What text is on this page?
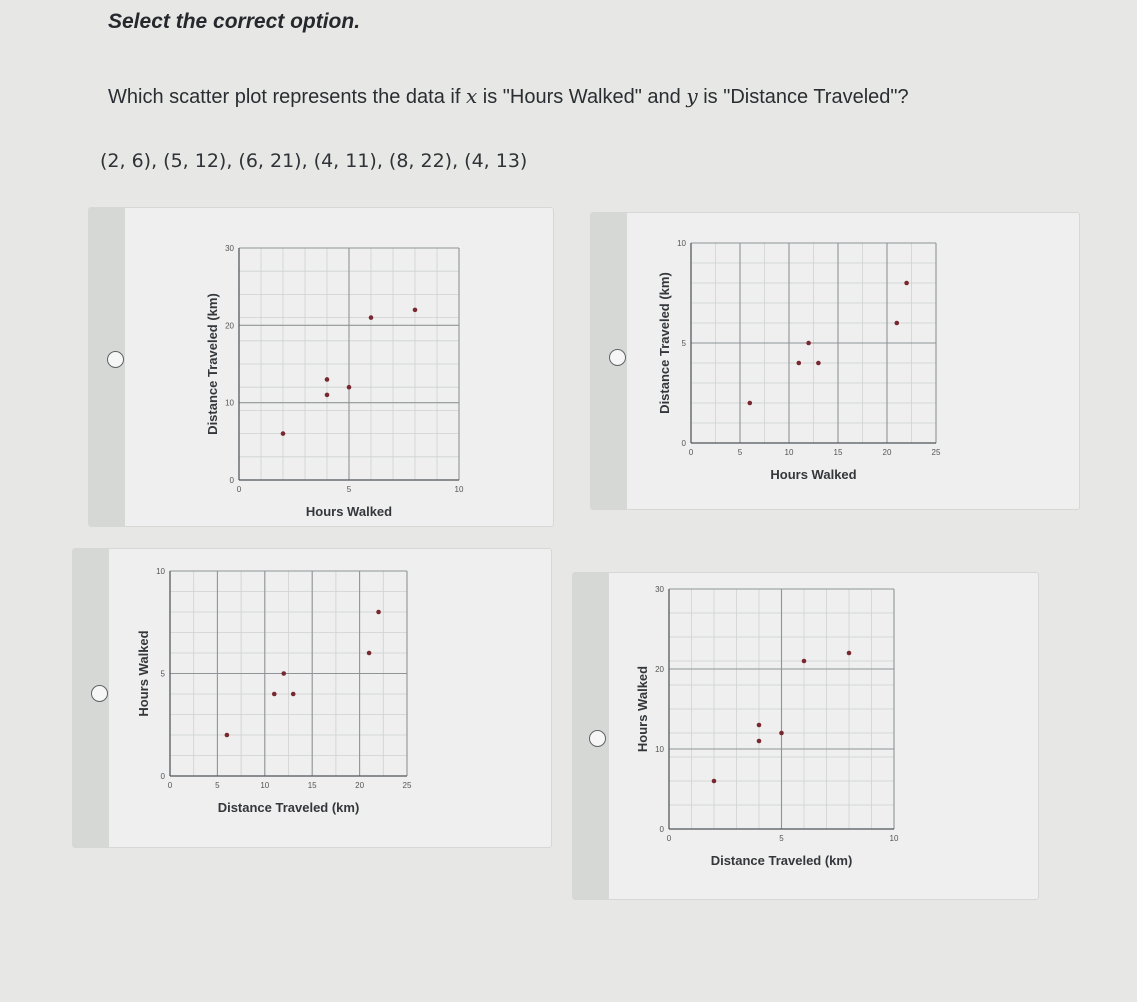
Select the correct option.
Which scatter plot represents the data if x is "Hours Walked" and y is "Distance Traveled"?
(2, 6), (5, 12), (6, 21), (4, 11), (8, 22), (4, 13)
0	5	10
0
10
20
30
Hours Walked
Distance Traveled (km)
0	5	10	15	20	25
0
5
10
Hours Walked
Distance Traveled (km)
0	5	10	15	20	25
0
5
10
Distance Traveled (km)
Hours Walked
0	5	10
0
10
20
30
Distance Traveled (km)
Hours Walked
